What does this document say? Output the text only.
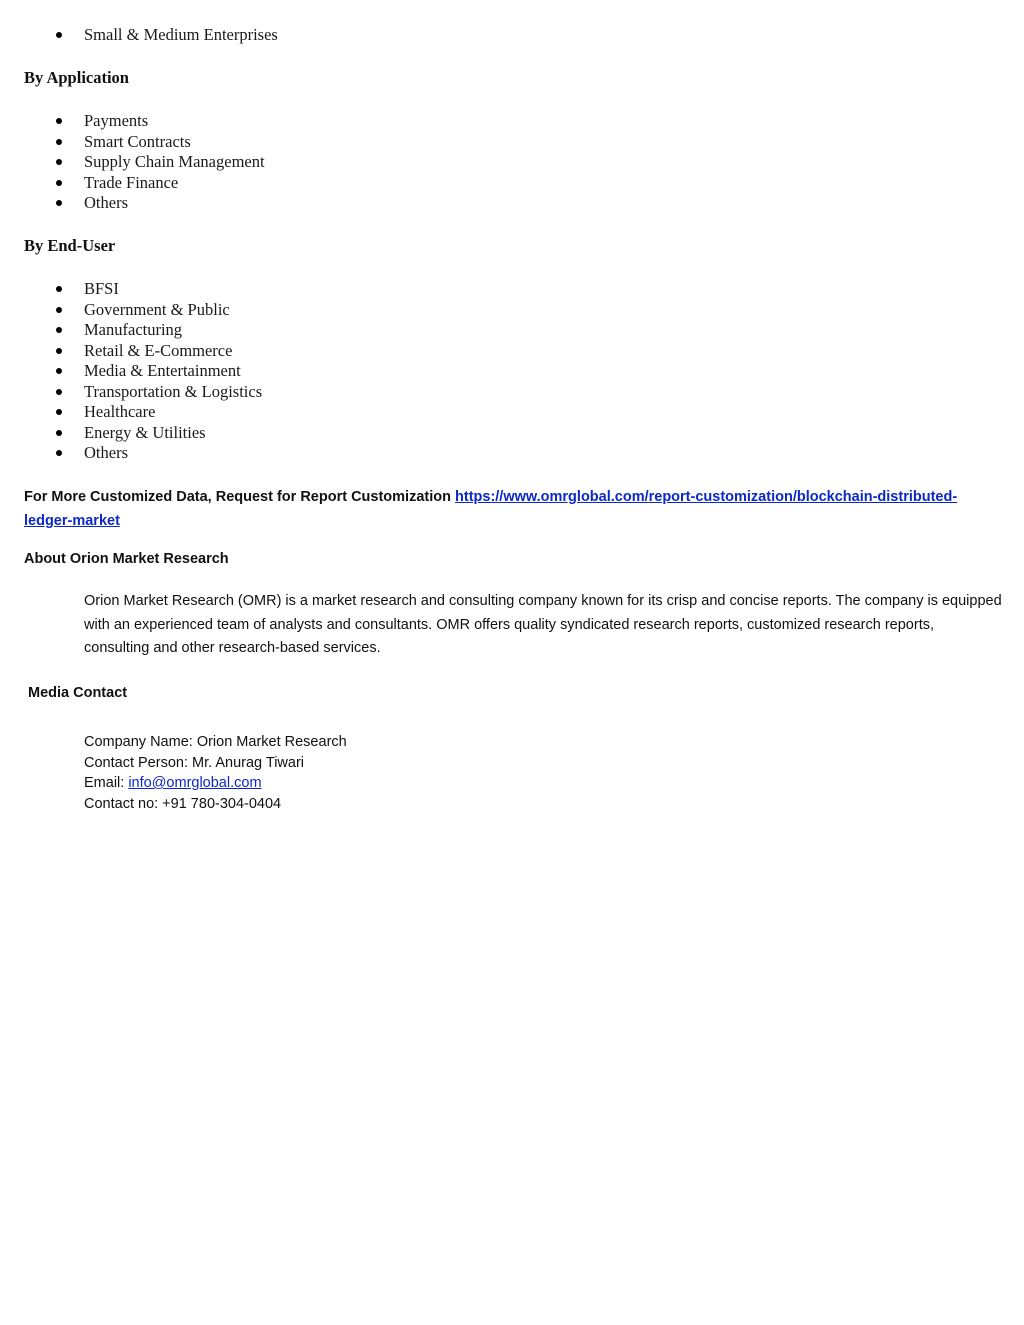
Small & Medium Enterprises
By Application
Payments
Smart Contracts
Supply Chain Management
Trade Finance
Others
By End-User
BFSI
Government & Public
Manufacturing
Retail & E-Commerce
Media & Entertainment
Transportation & Logistics
Healthcare
Energy & Utilities
Others

For More Customized Data, Request for Report Customization https://www.omrglobal.com/report-customization/blockchain-distributed-ledger-market

About Orion Market Research

Orion Market Research (OMR) is a market research and consulting company known for its crisp and concise reports. The company is equipped with an experienced team of analysts and consultants. OMR offers quality syndicated research reports, customized research reports, consulting and other research-based services.

Media Contact
Company Name: Orion Market Research
Contact Person: Mr. Anurag Tiwari
Email: info@omrglobal.com
Contact no: +91 780-304-0404
